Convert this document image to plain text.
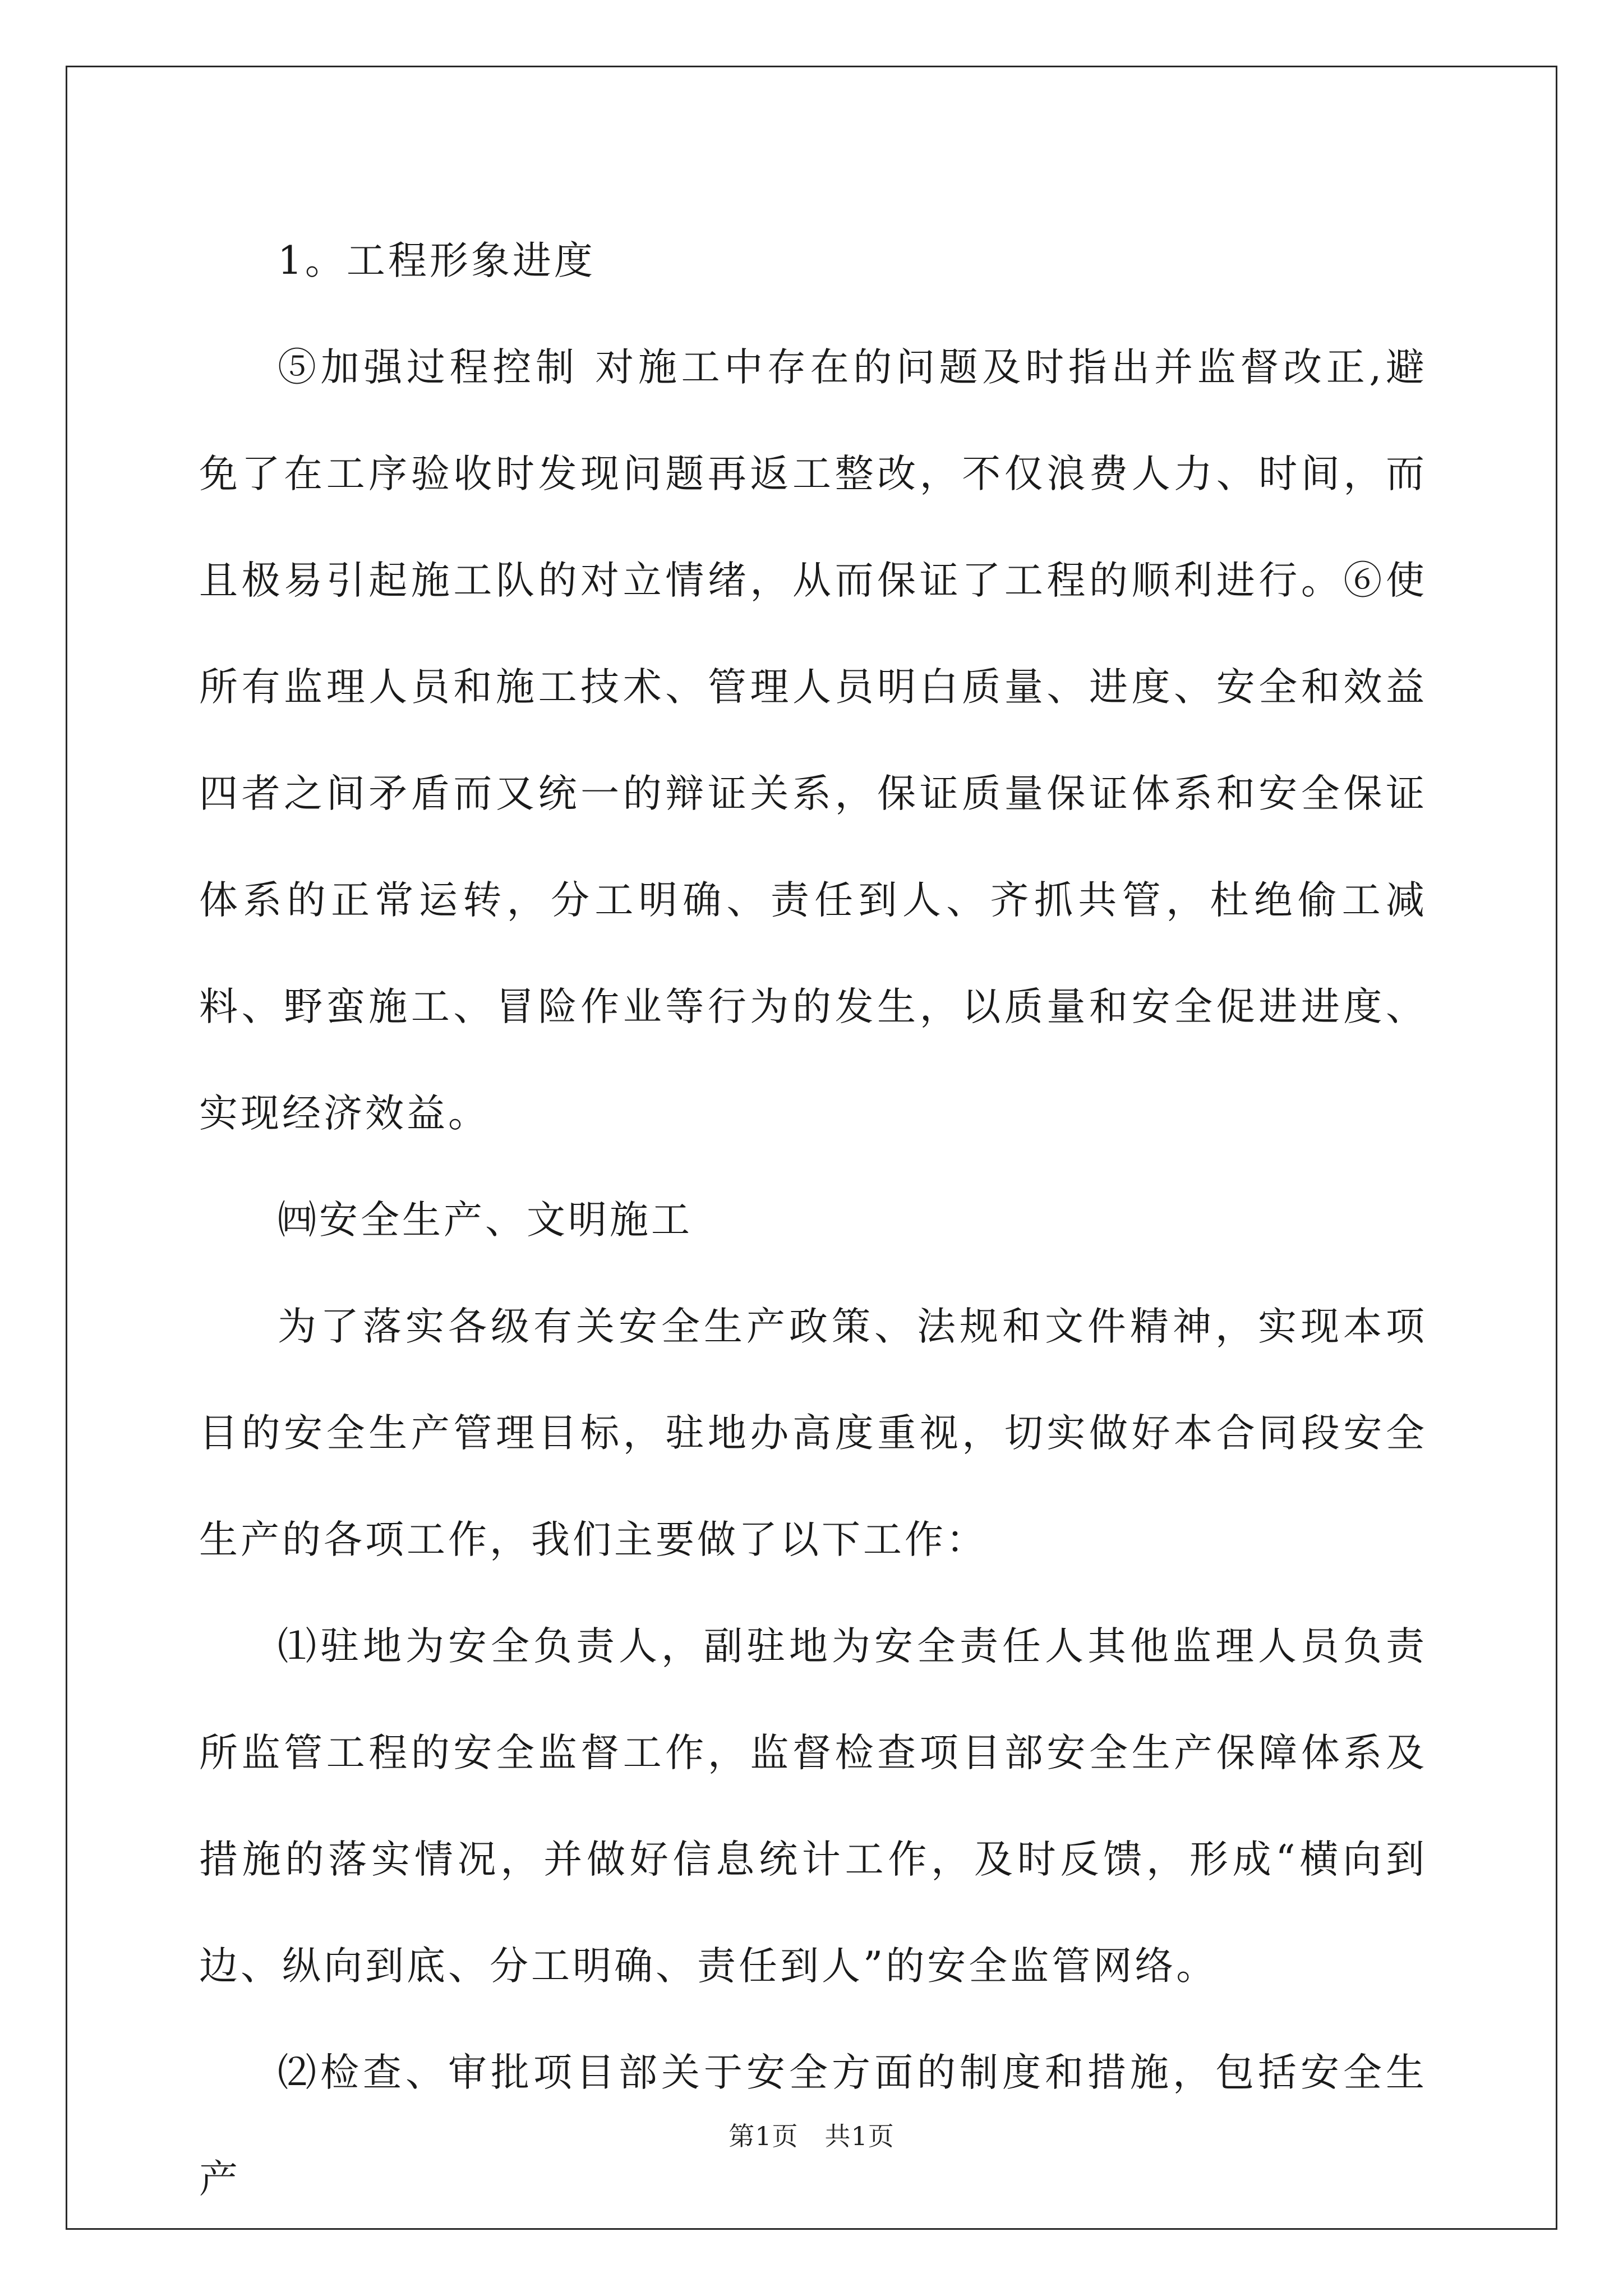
1。工程形象进度

⑤加强过程控制 对施工中存在的问题及时指出并监督改正,避免了在工序验收时发现问题再返工整改，不仅浪费人力、时间，而且极易引起施工队的对立情绪，从而保证了工程的顺利进行。⑥使所有监理人员和施工技术、管理人员明白质量、进度、安全和效益四者之间矛盾而又统一的辩证关系，保证质量保证体系和安全保证体系的正常运转，分工明确、责任到人、齐抓共管，杜绝偷工减料、野蛮施工、冒险作业等行为的发生，以质量和安全促进进度、实现经济效益。

㈣安全生产、文明施工

为了落实各级有关安全生产政策、法规和文件精神，实现本项目的安全生产管理目标，驻地办高度重视，切实做好本合同段安全生产的各项工作，我们主要做了以下工作：

⑴驻地为安全负责人，副驻地为安全责任人其他监理人员负责所监管工程的安全监督工作，监督检查项目部安全生产保障体系及措施的落实情况，并做好信息统计工作，及时反馈，形成“横向到边、纵向到底、分工明确、责任到人”的安全监管网络。

⑵检查、审批项目部关于安全方面的制度和措施，包括安全生产

第1页　共1页
